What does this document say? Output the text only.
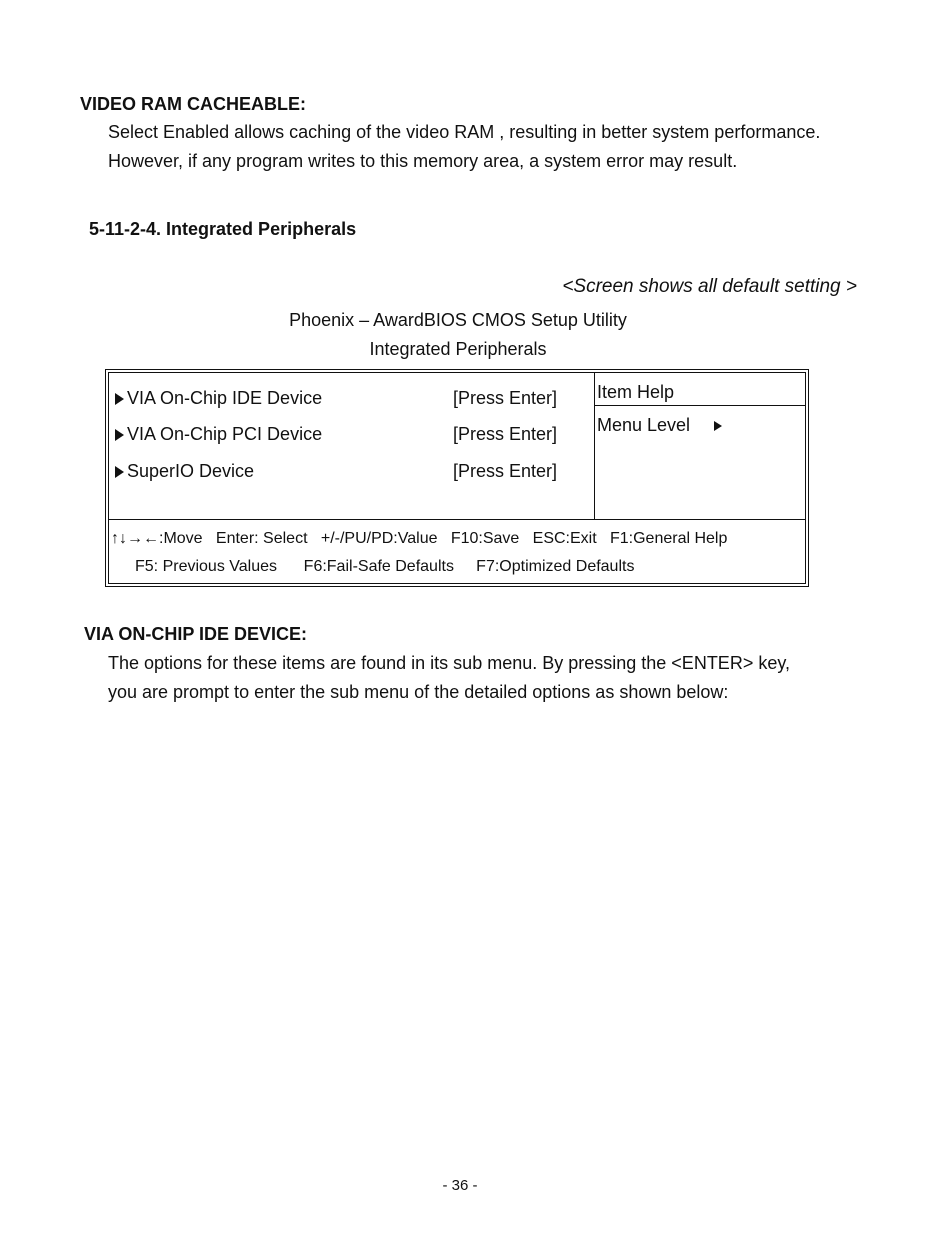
VIDEO RAM CACHEABLE:
Select Enabled allows caching of the video RAM , resulting in better system performance.
However, if any program writes to this memory area, a system error may result.
5-11-2-4. Integrated Peripherals
<Screen shows all default setting >
Phoenix – AwardBIOS CMOS Setup Utility
Integrated Peripherals
VIA On-Chip IDE Device	[Press Enter]
VIA On-Chip PCI Device	[Press Enter]
SuperIO Device	[Press Enter]
Item Help
Menu Level
↑↓→←:Move   Enter: Select   +/-/PU/PD:Value   F10:Save   ESC:Exit   F1:General Help
F5: Previous Values      F6:Fail-Safe Defaults     F7:Optimized Defaults
VIA ON-CHIP IDE DEVICE:
The options for these items are found in its sub menu. By pressing the <ENTER> key,
you are prompt to enter the sub menu of the detailed options as shown below:
- 36 -
